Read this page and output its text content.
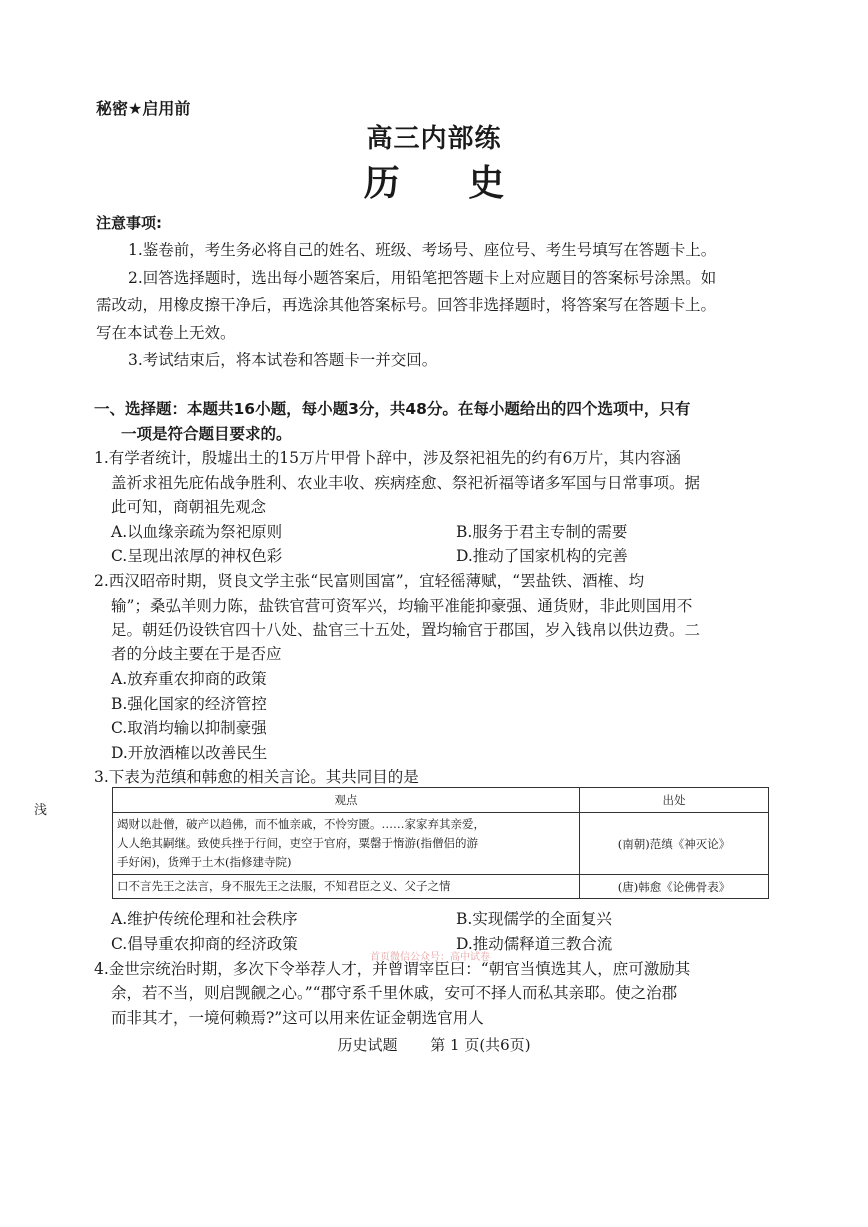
秘密★启用前
高三内部练
历 史
注意事项:
1.鉴卷前，考生务必将自己的姓名、班级、考场号、座位号、考生号填写在答题卡上。
2.回答选择题时，选出每小题答案后，用铅笔把答题卡上对应题目的答案标号涂黑。如
需改动，用橡皮擦干净后，再选涂其他答案标号。回答非选择题时，将答案写在答题卡上。
写在本试卷上无效。
3.考试结束后，将本试卷和答题卡一并交回。
一、选择题：本题共16小题，每小题3分，共48分。在每小题给出的四个选项中，只有
一项是符合题目要求的。
1.有学者统计，殷墟出土的15万片甲骨卜辞中，涉及祭祀祖先的约有6万片，其内容涵
盖祈求祖先庇佑战争胜利、农业丰收、疾病痊愈、祭祀祈福等诸多军国与日常事项。据
此可知，商朝祖先观念
A.以血缘亲疏为祭祀原则	B.服务于君主专制的需要
C.呈现出浓厚的神权色彩	D.推动了国家机构的完善
2.西汉昭帝时期，贤良文学主张“民富则国富”，宜轻徭薄赋，“罢盐铁、酒榷、均
输”；桑弘羊则力陈，盐铁官营可资军兴，均输平准能抑豪强、通货财，非此则国用不
足。朝廷仍设铁官四十八处、盐官三十五处，置均输官于郡国，岁入钱帛以供边费。二
者的分歧主要在于是否应
A.放弃重农抑商的政策
B.强化国家的经济管控
C.取消均输以抑制豪强
D.开放酒榷以改善民生
3.下表为范缜和韩愈的相关言论。其共同目的是
浅
观点	出处

竭财以赴僧，破产以趋佛，而不恤亲戚，不怜穷匮。……家家弃其亲爱，
人人绝其嗣继。致使兵挫于行间，吏空于官府，粟罄于惰游(指僧侣的游
手好闲)，货殚于土木(指修建寺院)	(南朝)范缜《神灭论》
口不言先王之法言，身不服先王之法服，不知君臣之义、父子之情	(唐)韩愈《论佛骨表》
A.维护传统伦理和社会秩序	B.实现儒学的全面复兴
C.倡导重农抑商的经济政策	D.推动儒释道三教合流
首页微信公众号：高中试卷
4.金世宗统治时期，多次下令举荐人才，并曾谓宰臣曰：“朝官当慎选其人，庶可激励其
余，若不当，则启觊觎之心。”“郡守系千里休戚，安可不择人而私其亲耶。使之治郡
而非其才，一境何赖焉?”这可以用来佐证金朝选官用人
历史试题 第 1 页(共6页)
